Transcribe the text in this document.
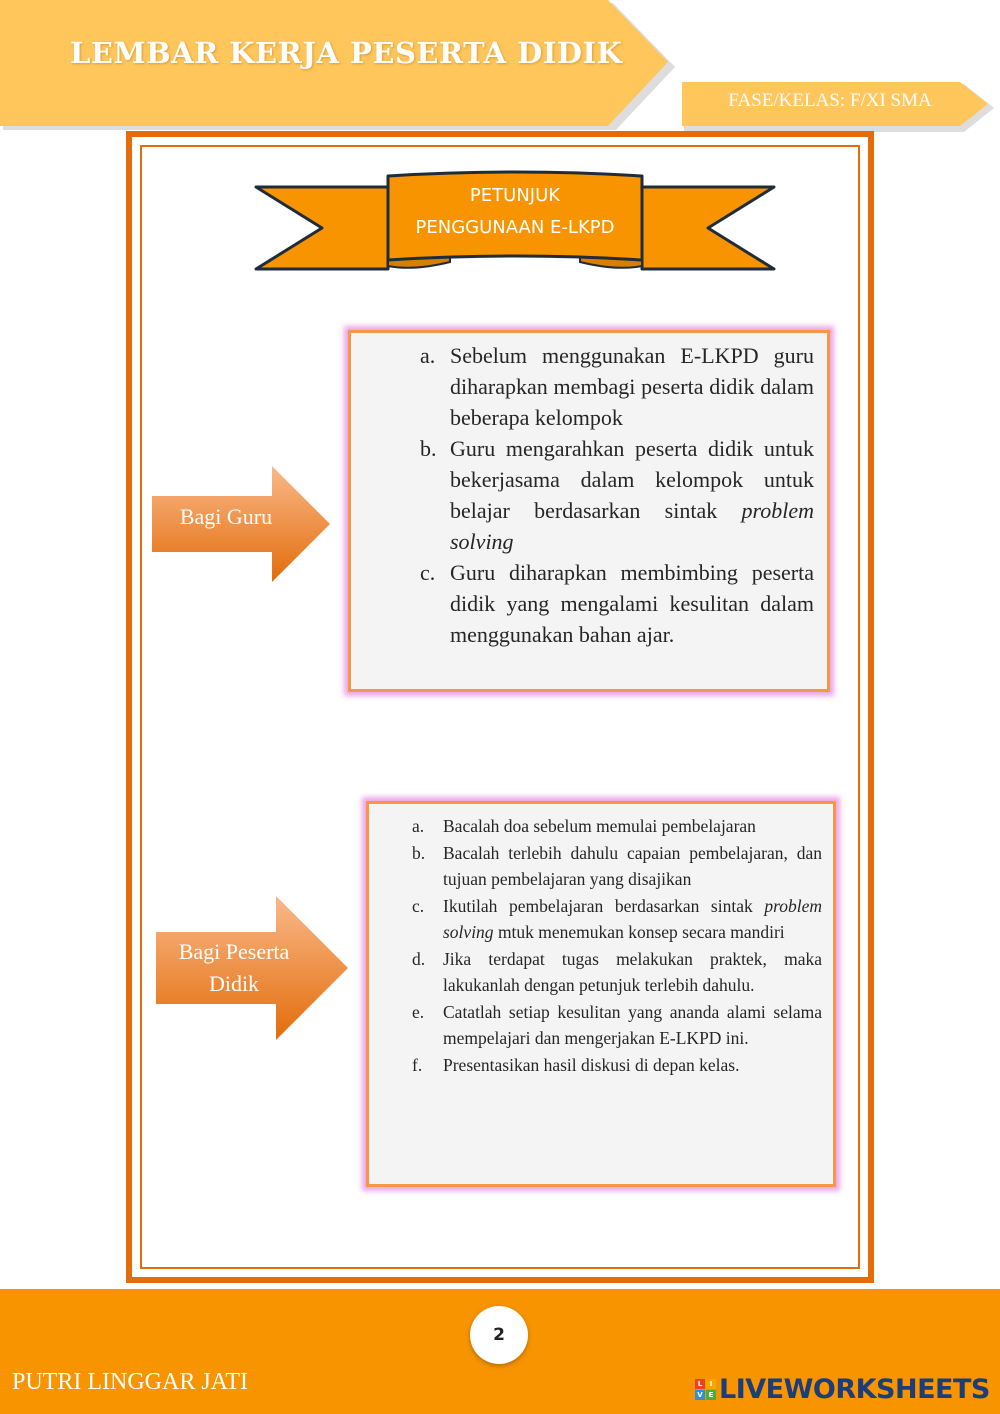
LEMBAR KERJA PESERTA DIDIK
FASE/KELAS: F/XI SMA
PETUNJUK
PENGGUNAAN E-LKPD
Bagi Guru
a. Sebelum menggunakan E-LKPD guru diharapkan membagi peserta didik dalam beberapa kelompok
b. Guru mengarahkan peserta didik untuk bekerjasama dalam kelompok untuk belajar berdasarkan sintak problem solving
c. Guru diharapkan membimbing peserta didik yang mengalami kesulitan dalam menggunakan bahan ajar.
Bagi Peserta
Didik
a.	Bacalah doa sebelum memulai pembelajaran
b.	Bacalah terlebih dahulu capaian pembelajaran, dan tujuan pembelajaran yang disajikan
c.	Ikutilah pembelajaran berdasarkan sintak problem solving mtuk menemukan konsep secara mandiri
d.	Jika terdapat tugas melakukan praktek, maka lakukanlah dengan petunjuk terlebih dahulu.
e.	Catatlah setiap kesulitan yang ananda alami selama mempelajari dan mengerjakan E-LKPD ini.
f.	Presentasikan hasil diskusi di depan kelas.
2
PUTRI LINGGAR JATI	L	I
V E LIVEWORKSHEETS
